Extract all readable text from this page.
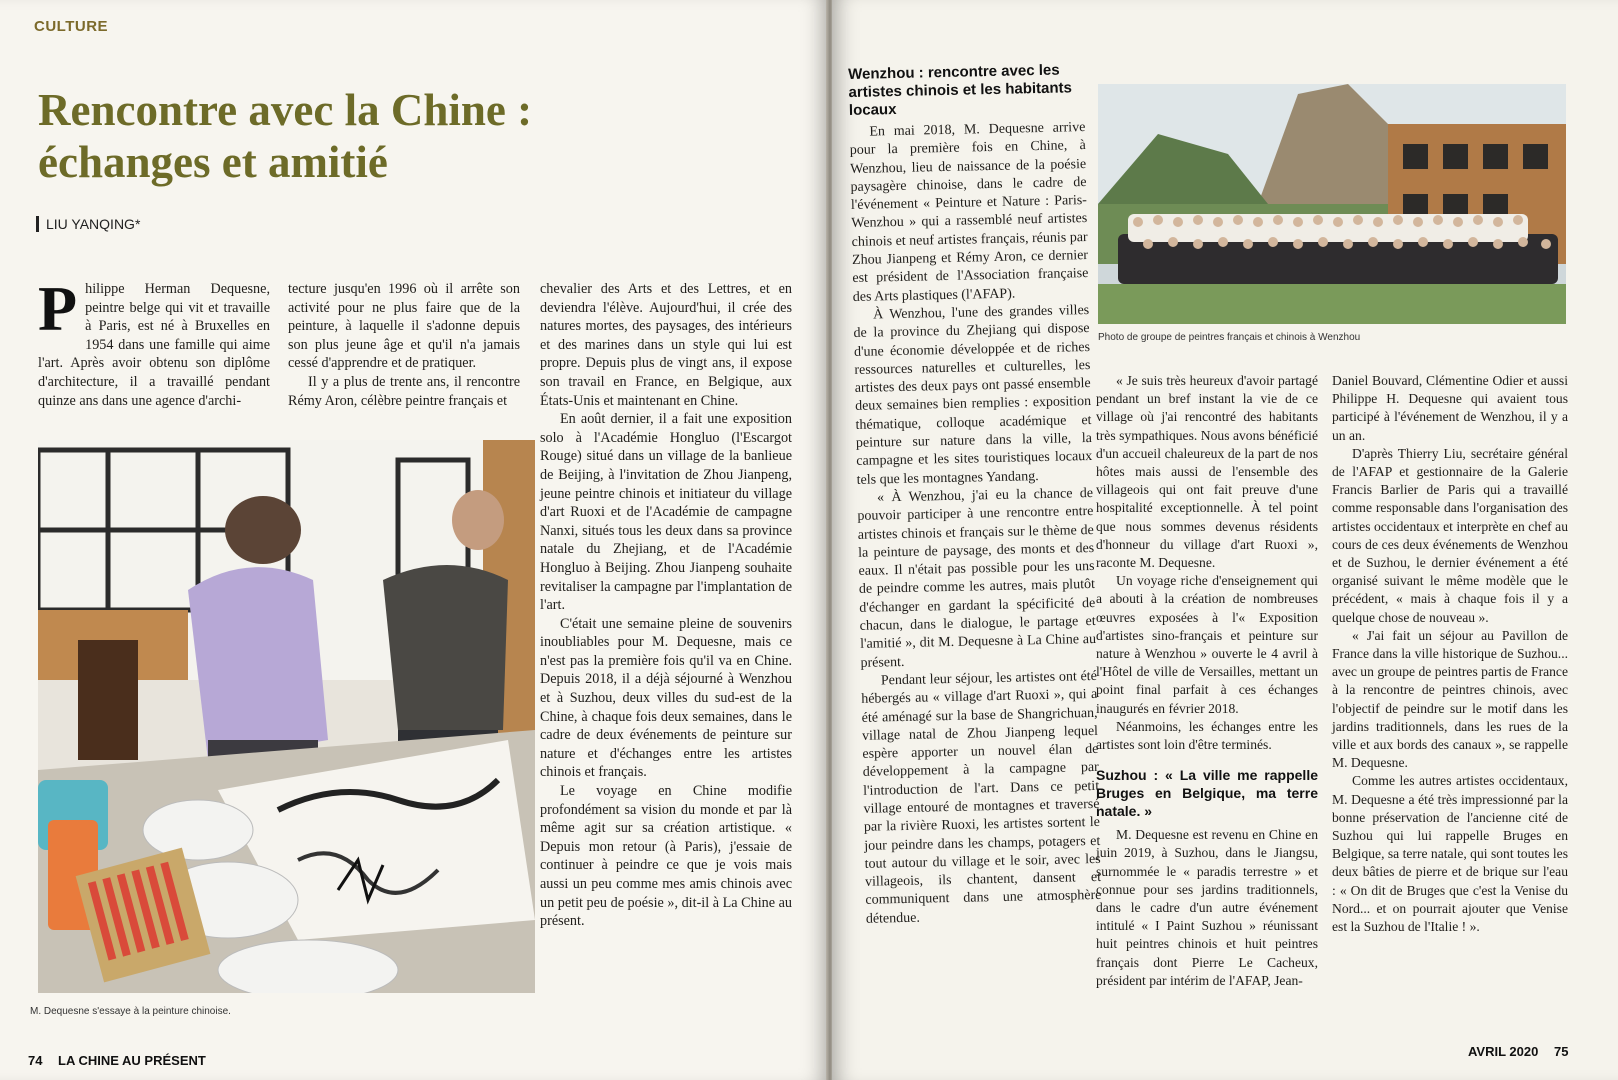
CULTURE
Rencontre avec la Chine :
échanges et amitié
LIU YANQING*

Philippe Herman Dequesne, peintre belge qui vit et travaille à Paris, est né à Bruxelles en 1954 dans une famille qui aime l'art. Après avoir obtenu son diplôme d'architecture, il a travaillé pendant quinze ans dans une agence d'archi-

tecture jusqu'en 1996 où il arrête son activité pour ne plus faire que de la peinture, à laquelle il s'adonne depuis son plus jeune âge et qu'il n'a jamais cessé d'apprendre et de pratiquer.

Il y a plus de trente ans, il rencontre Rémy Aron, célèbre peintre français et

chevalier des Arts et des Lettres, et en deviendra l'élève. Aujourd'hui, il crée des natures mortes, des paysages, des intérieurs et des marines dans un style qui lui est propre. Depuis plus de vingt ans, il expose son travail en France, en Belgique, aux États-Unis et maintenant en Chine.

En août dernier, il a fait une exposition solo à l'Académie Hongluo (l'Escargot Rouge) situé dans un village de la banlieue de Beijing, à l'invitation de Zhou Jianpeng, jeune peintre chinois et initiateur du village d'art Ruoxi et de l'Académie de campagne Nanxi, situés tous les deux dans sa province natale du Zhejiang, et de l'Académie Hongluo à Beijing. Zhou Jianpeng souhaite revitaliser la campagne par l'implantation de l'art.

C'était une semaine pleine de souvenirs inoubliables pour M. Dequesne, mais ce n'est pas la première fois qu'il va en Chine. Depuis 2018, il a déjà séjourné à Wenzhou et à Suzhou, deux villes du sud-est de la Chine, à chaque fois deux semaines, dans le cadre de deux événements de peinture sur nature et d'échanges entre les artistes chinois et français.

Le voyage en Chine modifie profondément sa vision du monde et par là même agit sur sa création artistique. « Depuis mon retour (à Paris), j'essaie de continuer à peindre ce que je vois mais aussi un peu comme mes amis chinois avec un petit peu de poésie », dit-il à La Chine au présent.

M. Dequesne s'essaye à la peinture chinoise.
74 LA CHINE AU PRÉSENT
Wenzhou : rencontre avec les artistes chinois et les habitants locaux

En mai 2018, M. Dequesne arrive pour la première fois en Chine, à Wenzhou, lieu de naissance de la poésie paysagère chinoise, dans le cadre de l'événement « Peinture et Nature : Paris-Wenzhou » qui a rassemblé neuf artistes chinois et neuf artistes français, réunis par Zhou Jianpeng et Rémy Aron, ce dernier est président de l'Association française des Arts plastiques (l'AFAP).

À Wenzhou, l'une des grandes villes de la province du Zhejiang qui dispose d'une économie développée et de riches ressources naturelles et culturelles, les artistes des deux pays ont passé ensemble deux semaines bien remplies : exposition thématique, colloque académique et peinture sur nature dans la ville, la campagne et les sites touristiques locaux tels que les montagnes Yandang.

« À Wenzhou, j'ai eu la chance de pouvoir participer à une rencontre entre artistes chinois et français sur le thème de la peinture de paysage, des monts et des eaux. Il n'était pas possible pour les uns de peindre comme les autres, mais plutôt d'échanger en gardant la spécificité de chacun, dans le dialogue, le partage et l'amitié », dit M. Dequesne à La Chine au présent.

Pendant leur séjour, les artistes ont été hébergés au « village d'art Ruoxi », qui a été aménagé sur la base de Shangrichuan, village natal de Zhou Jianpeng lequel espère apporter un nouvel élan de développement à la campagne par l'introduction de l'art. Dans ce petit village entouré de montagnes et traversé par la rivière Ruoxi, les artistes sortent le jour peindre dans les champs, potagers et tout autour du village et le soir, avec les villageois, ils chantent, dansent et communiquent dans une atmosphère détendue.

Photo de groupe de peintres français et chinois à Wenzhou

« Je suis très heureux d'avoir partagé pendant un bref instant la vie de ce village où j'ai rencontré des habitants très sympathiques. Nous avons bénéficié d'un accueil chaleureux de la part de nos hôtes mais aussi de l'ensemble des villageois qui ont fait preuve d'une hospitalité exceptionnelle. À tel point que nous sommes devenus résidents d'honneur du village d'art Ruoxi », raconte M. Dequesne.

Un voyage riche d'enseignement qui a abouti à la création de nombreuses œuvres exposées à l'« Exposition d'artistes sino-français et peinture sur nature à Wenzhou » ouverte le 4 avril à l'Hôtel de ville de Versailles, mettant un point final parfait à ces échanges inaugurés en février 2018.

Néanmoins, les échanges entre les artistes sont loin d'être terminés.

Suzhou : « La ville me rappelle Bruges en Belgique, ma terre natale. »

M. Dequesne est revenu en Chine en juin 2019, à Suzhou, dans le Jiangsu, surnommée le « paradis terrestre » et connue pour ses jardins traditionnels, dans le cadre d'un autre événement intitulé « I Paint Suzhou » réunissant huit peintres chinois et huit peintres français dont Pierre Le Cacheux, président par intérim de l'AFAP, Jean-

Daniel Bouvard, Clémentine Odier et aussi Philippe H. Dequesne qui avaient tous participé à l'événement de Wenzhou, il y a un an.

D'après Thierry Liu, secrétaire général de l'AFAP et gestionnaire de la Galerie Francis Barlier de Paris qui a travaillé comme responsable dans l'organisation des artistes occidentaux et interprète en chef au cours de ces deux événements de Wenzhou et de Suzhou, le dernier événement a été organisé suivant le même modèle que le précédent, « mais à chaque fois il y a quelque chose de nouveau ».

« J'ai fait un séjour au Pavillon de France dans la ville historique de Suzhou... avec un groupe de peintres partis de France à la rencontre de peintres chinois, avec l'objectif de peindre sur le motif dans les jardins traditionnels, dans les rues de la ville et aux bords des canaux », se rappelle M. Dequesne.

Comme les autres artistes occidentaux, M. Dequesne a été très impressionné par la bonne préservation de l'ancienne cité de Suzhou qui lui rappelle Bruges en Belgique, sa terre natale, qui sont toutes les deux bâties de pierre et de brique sur l'eau : « On dit de Bruges que c'est la Venise du Nord... et on pourrait ajouter que Venise est la Suzhou de l'Italie ! ».

AVRIL 2020 75
